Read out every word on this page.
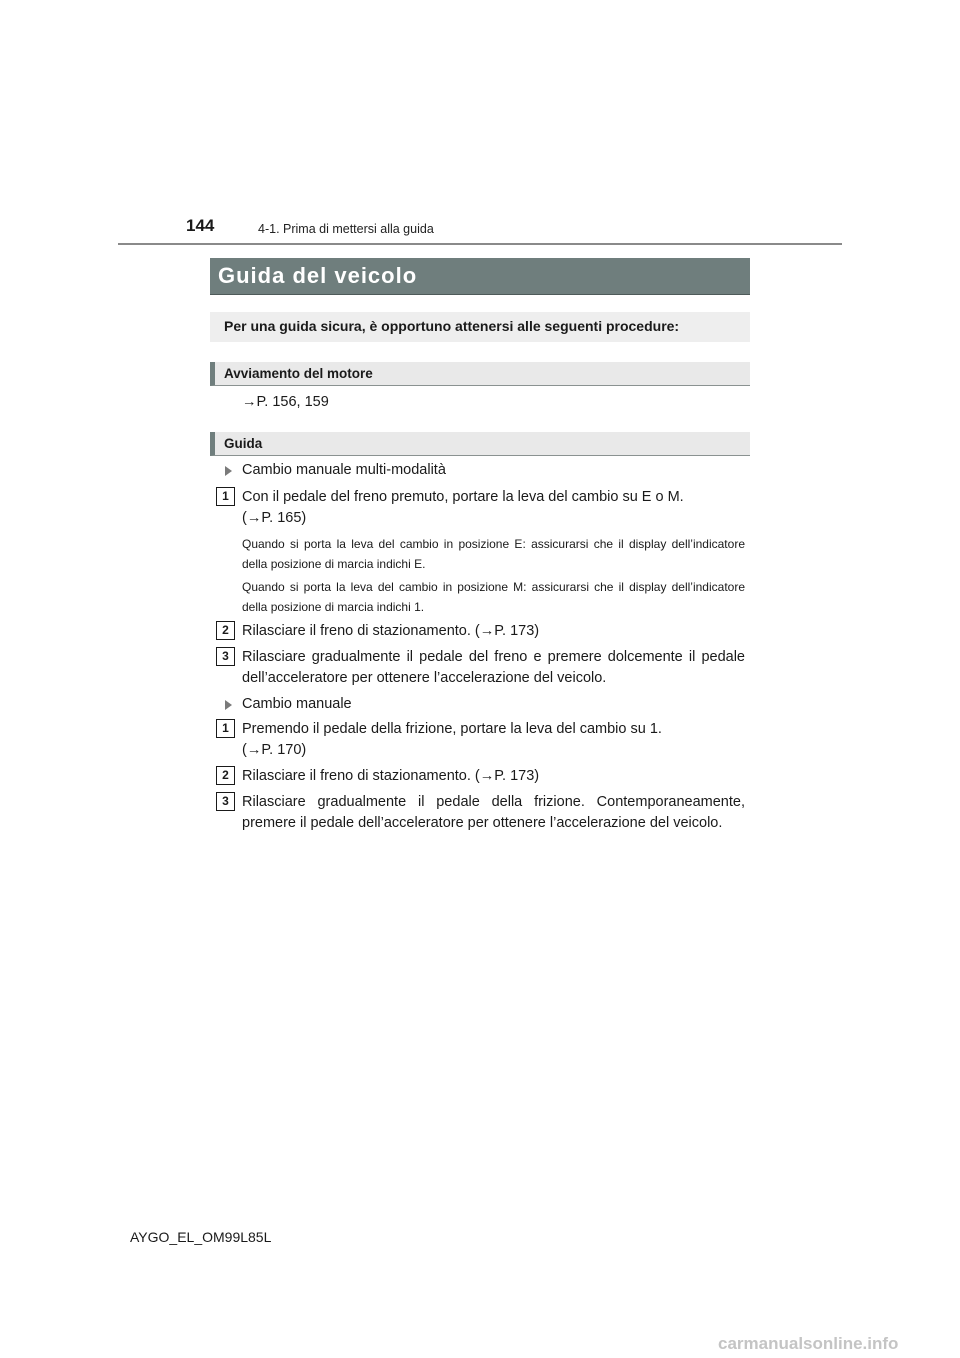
144	4-1. Prima di mettersi alla guida
Guida del veicolo
Per una guida sicura, è opportuno attenersi alle seguenti procedure:
Avviamento del motore
→P. 156, 159
Guida
Cambio manuale multi-modalità
1 Con il pedale del freno premuto, portare la leva del cambio su E o M.
(→P. 165)
Quando si porta la leva del cambio in posizione E: assicurarsi che il display dell’indicatore della posizione di marcia indichi E.
Quando si porta la leva del cambio in posizione M: assicurarsi che il display dell’indicatore della posizione di marcia indichi 1.
2 Rilasciare il freno di stazionamento. (→P. 173)
3 Rilasciare gradualmente il pedale del freno e premere dolcemente il pedale dell’acceleratore per ottenere l’accelerazione del veicolo.
Cambio manuale
1 Premendo il pedale della frizione, portare la leva del cambio su 1.
(→P. 170)
2 Rilasciare il freno di stazionamento. (→P. 173)
3 Rilasciare gradualmente il pedale della frizione. Contemporaneamente, premere il pedale dell’acceleratore per ottenere l’accelerazione del veicolo.
AYGO_EL_OM99L85L
carmanualsonline.info
